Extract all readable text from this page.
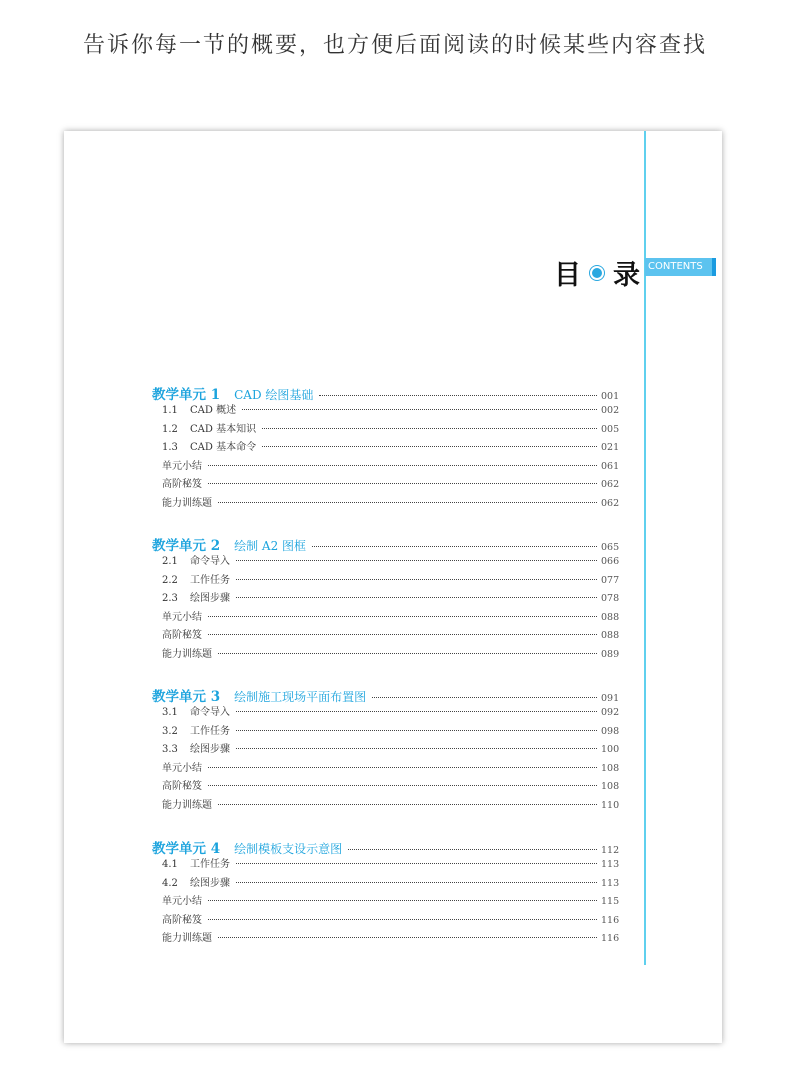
告诉你每一节的概要，也方便后面阅读的时候某些内容查找
目 录 CONTENTS
教学单元 1 CAD 绘图基础	001
1.1	CAD 概述	002
1.2	CAD 基本知识	005
1.3	CAD 基本命令	021
单元小结	061
高阶秘笈	062
能力训练题	062
教学单元 2 绘制 A2 图框	065
2.1	命令导入	066
2.2	工作任务	077
2.3	绘图步骤	078
单元小结	088
高阶秘笈	088
能力训练题	089
教学单元 3 绘制施工现场平面布置图	091
3.1	命令导入	092
3.2	工作任务	098
3.3	绘图步骤	100
单元小结	108
高阶秘笈	108
能力训练题	110
教学单元 4 绘制模板支设示意图	112
4.1	工作任务	113
4.2	绘图步骤	113
单元小结	115
高阶秘笈	116
能力训练题	116
